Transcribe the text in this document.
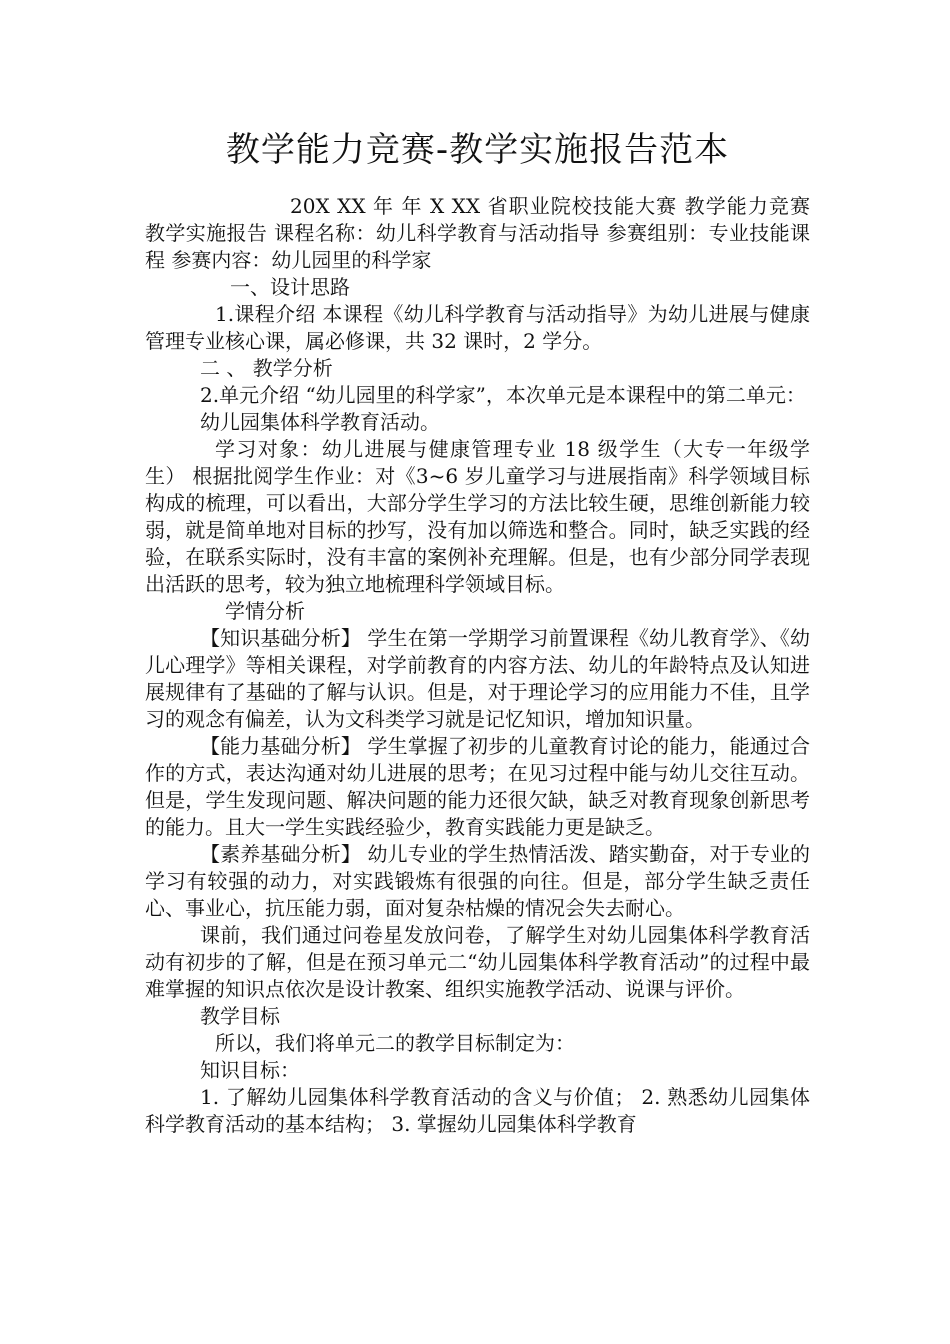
教学能力竞赛-教学实施报告范本

20X XX 年 年 X XX 省职业院校技能大赛 教学能力竞赛 教学实施报告 课程名称：幼儿科学教育与活动指导 参赛组别：专业技能课程 参赛内容：幼儿园里的科学家

一、设计思路

1.课程介绍 本课程《幼儿科学教育与活动指导》为幼儿进展与健康管理专业核心课，属必修课，共 32 课时，2 学分。

二 、 教学分析

2.单元介绍 “幼儿园里的科学家”，本次单元是本课程中的第二单元：

幼儿园集体科学教育活动。

学习对象：幼儿进展与健康管理专业 18 级学生（大专一年级学生） 根据批阅学生作业：对《3~6 岁儿童学习与进展指南》科学领域目标构成的梳理，可以看出，大部分学生学习的方法比较生硬，思维创新能力较弱，就是简单地对目标的抄写，没有加以筛选和整合。同时，缺乏实践的经验，在联系实际时，没有丰富的案例补充理解。但是，也有少部分同学表现出活跃的思考，较为独立地梳理科学领域目标。

学情分析

【知识基础分析】 学生在第一学期学习前置课程《幼儿教育学》、《幼儿心理学》等相关课程，对学前教育的内容方法、幼儿的年龄特点及认知进展规律有了基础的了解与认识。但是，对于理论学习的应用能力不佳，且学习的观念有偏差，认为文科类学习就是记忆知识，增加知识量。

【能力基础分析】 学生掌握了初步的儿童教育讨论的能力，能通过合作的方式，表达沟通对幼儿进展的思考；在见习过程中能与幼儿交往互动。但是，学生发现问题、解决问题的能力还很欠缺，缺乏对教育现象创新思考的能力。且大一学生实践经验少，教育实践能力更是缺乏。

【素养基础分析】 幼儿专业的学生热情活泼、踏实勤奋，对于专业的学习有较强的动力，对实践锻炼有很强的向往。但是，部分学生缺乏责任心、事业心，抗压能力弱，面对复杂枯燥的情况会失去耐心。

课前，我们通过问卷星发放问卷，了解学生对幼儿园集体科学教育活动有初步的了解，但是在预习单元二“幼儿园集体科学教育活动”的过程中最难掌握的知识点依次是设计教案、组织实施教学活动、说课与评价。

教学目标

所以，我们将单元二的教学目标制定为：

知识目标：

1. 了解幼儿园集体科学教育活动的含义与价值； 2. 熟悉幼儿园集体科学教育活动的基本结构； 3. 掌握幼儿园集体科学教育
